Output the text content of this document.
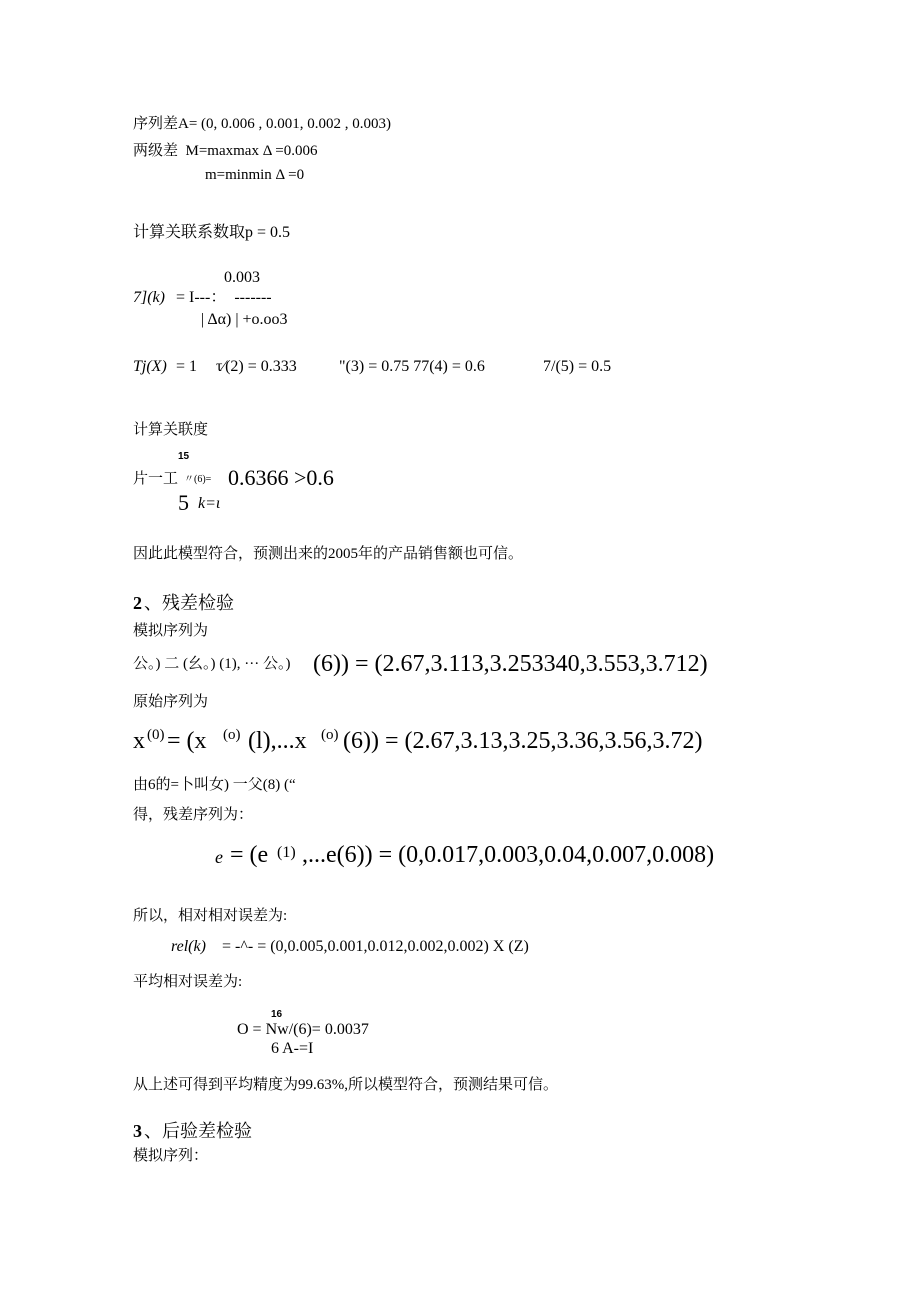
序列差A= (0, 0.006 , 0.001, 0.002 , 0.003)
两级差  M=maxmax Δ =0.006
m=minmin Δ =0
计算关联系数取p = 0.5
0.003
7](k) = I---：  -------
| Δα) | +o.oo3
Tj(X) = 1 τ⁄(2) = 0.333	"(3) = 0.75 77(4) = 0.6	7/(5) = 0.5
计算关联度
15
片一工 〃(6)= 0.6366 >0.6
5 k=ι
因此此模型符合，预测出来的2005年的产品销售额也可信。
2 、残差检验
模拟序列为
公。) 二 (幺。) (1), ··· 公。) (6)) = (2.67,3.113,3.253340,3.553,3.712)
原始序列为
x (0) = (x (o) (l),...x (o) (6)) = (2.67,3.13,3.25,3.36,3.56,3.72)
由6的=卜叫女) 一父(8) (“
得，残差序列为：
e = (e (1) ,...e(6)) = (0,0.017,0.003,0.04,0.007,0.008)
所以，相对相对误差为:
rel(k) = -^- = (0,0.005,0.001,0.012,0.002,0.002) X (Z)
平均相对误差为:
16
O = Nw/(6)= 0.0037
6 A-=I
从上述可得到平均精度为99.63%,所以模型符合，预测结果可信。
3 、后验差检验
模拟序列：
